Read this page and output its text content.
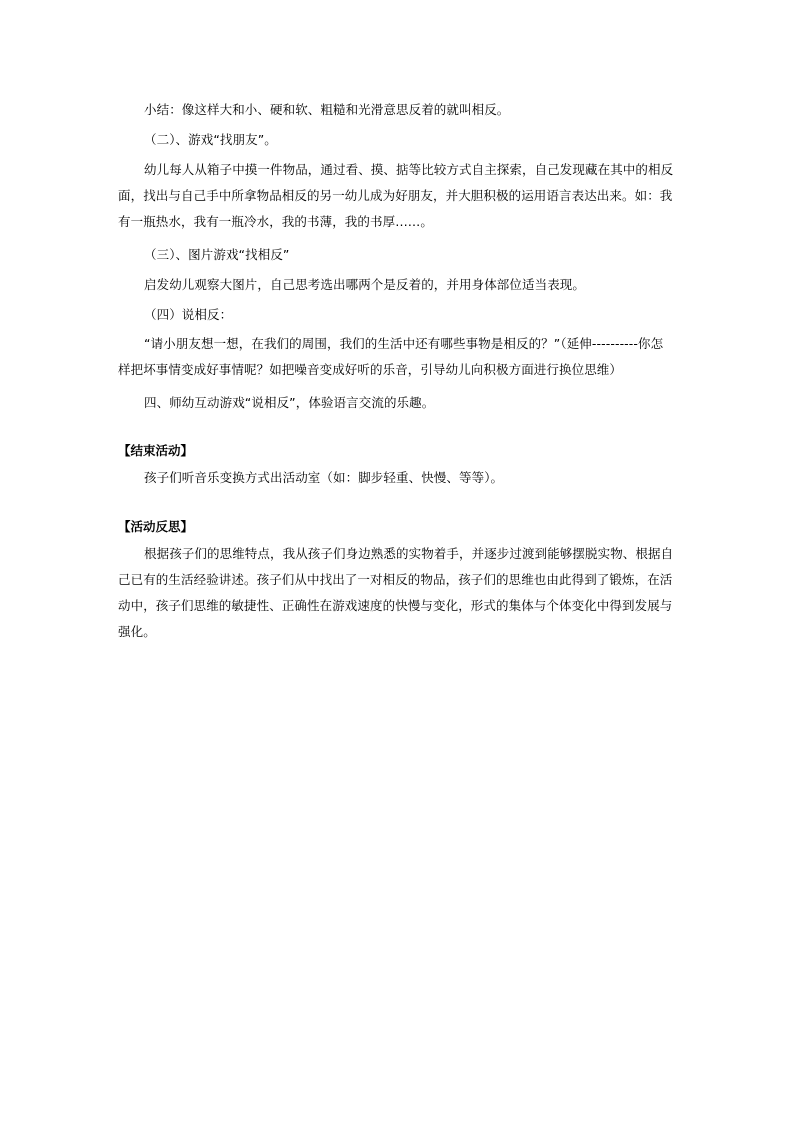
小结：像这样大和小、硬和软、粗糙和光滑意思反着的就叫相反。

（二）、游戏“找朋友”。

幼儿每人从箱子中摸一件物品，通过看、摸、掂等比较方式自主探索，自己发现藏在其中的相反面，找出与自己手中所拿物品相反的另一幼儿成为好朋友，并大胆积极的运用语言表达出来。如：我有一瓶热水，我有一瓶冷水，我的书薄，我的书厚……。

（三）、图片游戏“找相反”

启发幼儿观察大图片，自己思考选出哪两个是反着的，并用身体部位适当表现。

（四）说相反：

“请小朋友想一想，在我们的周围，我们的生活中还有哪些事物是相反的？”（延伸----------你怎样把坏事情变成好事情呢？如把噪音变成好听的乐音，引导幼儿向积极方面进行换位思维）

四、师幼互动游戏“说相反”，体验语言交流的乐趣。

【结束活动】

孩子们听音乐变换方式出活动室（如：脚步轻重、快慢、等等）。

【活动反思】

根据孩子们的思维特点，我从孩子们身边熟悉的实物着手，并逐步过渡到能够摆脱实物、根据自己已有的生活经验讲述。孩子们从中找出了一对相反的物品，孩子们的思维也由此得到了锻炼，在活动中，孩子们思维的敏捷性、正确性在游戏速度的快慢与变化，形式的集体与个体变化中得到发展与强化。
